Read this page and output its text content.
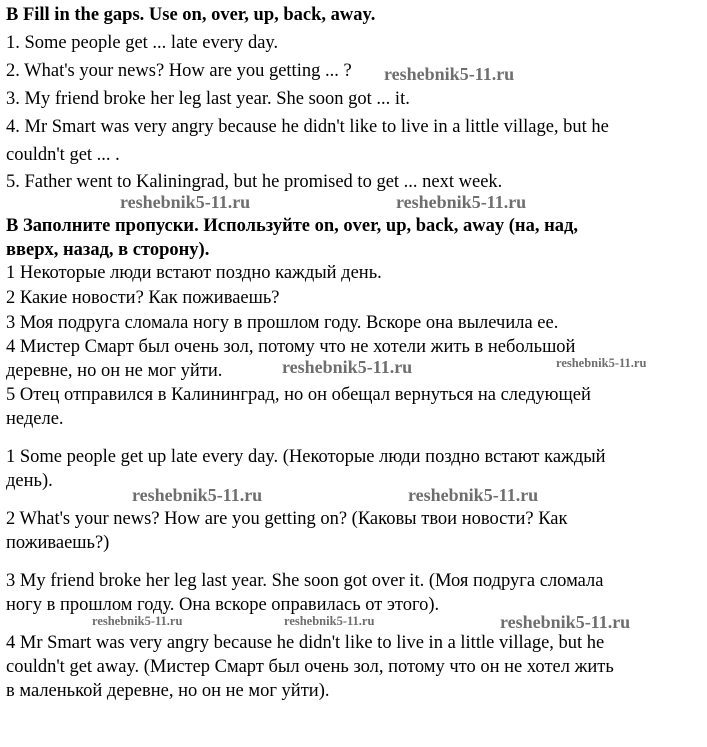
B Fill in the gaps. Use on, over, up, back, away.
1. Some people get ... late every day.
2. What's your news? How are you getting ... ?
3. My friend broke her leg last year. She soon got ... it.
4. Mr Smart was very angry because he didn't like to live in a little village, but he
couldn't get ... .
5. Father went to Kaliningrad, but he promised to get ... next week.
B Заполните пропуски. Используйте on, over, up, back, away (на, над,
вверх, назад, в сторону).
1 Некоторые люди встают поздно каждый день.
2 Какие новости? Как поживаешь?
3 Моя подруга сломала ногу в прошлом году. Вскоре она вылечила ее.
4 Мистер Смарт был очень зол, потому что не хотели жить в небольшой
деревне, но он не мог уйти.
5 Отец отправился в Калининград, но он обещал вернуться на следующей
неделе.
1 Some people get up late every day. (Некоторые люди поздно встают каждый
день).
2 What's your news? How are you getting on? (Каковы твои новости? Как
поживаешь?)
3 My friend broke her leg last year. She soon got over it. (Моя подруга сломала
ногу в прошлом году. Она вскоре оправилась от этого).
4 Mr Smart was very angry because he didn't like to live in a little village, but he
couldn't get away. (Мистер Смарт был очень зол, потому что он не хотел жить
в маленькой деревне, но он не мог уйти).
reshebnik5-11.ru
reshebnik5-11.ru	reshebnik5-11.ru
reshebnik5-11.ru	reshebnik5-11.ru
reshebnik5-11.ru	reshebnik5-11.ru
reshebnik5-11.ru	reshebnik5-11.ru	reshebnik5-11.ru
